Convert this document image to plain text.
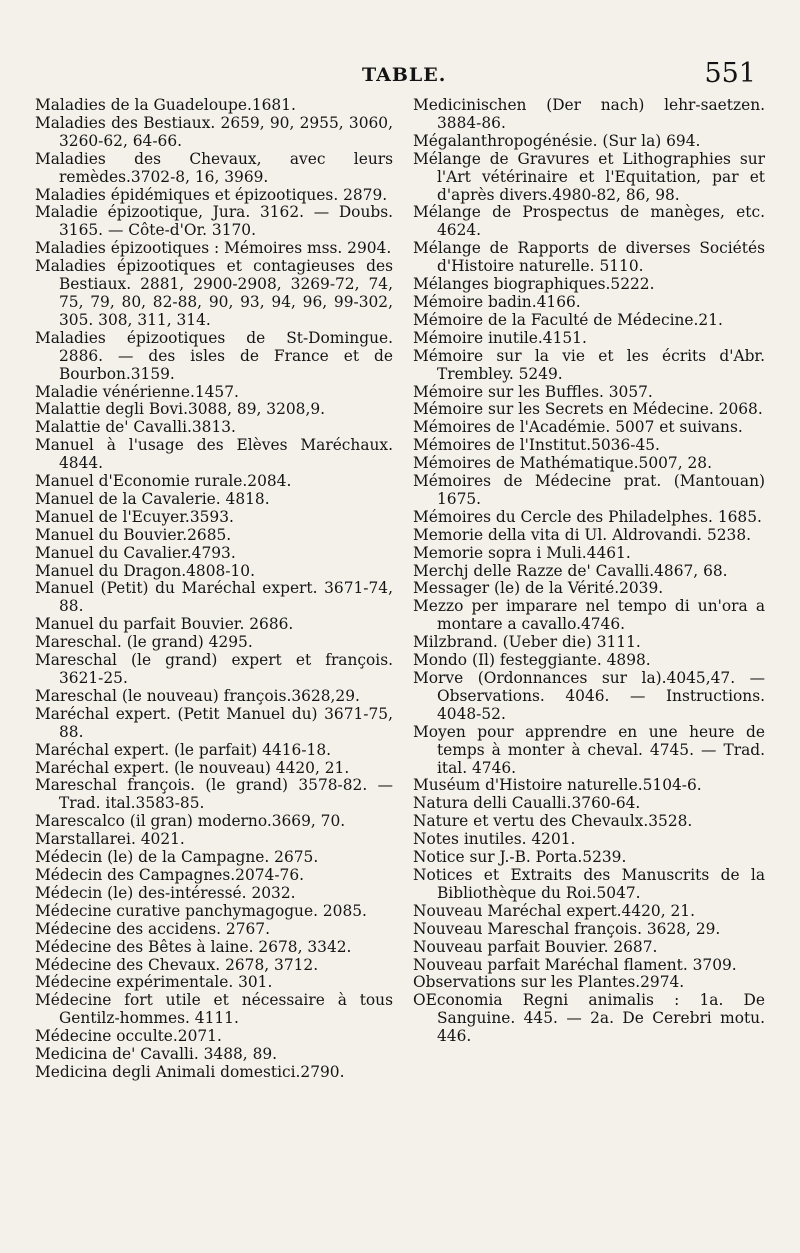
TABLE.	551
Maladies de la Guadeloupe.1681.
Maladies des Bestiaux. 2659, 90, 2955, 3060, 3260-62, 64-66.
Maladies des Chevaux, avec leurs remèdes.3702-8, 16, 3969.
Maladies épidémiques et épizootiques. 2879.
Maladie épizootique, Jura. 3162. — Doubs. 3165. — Côte-d'Or. 3170.
Maladies épizootiques : Mémoires mss. 2904.
Maladies épizootiques et contagieuses des Bestiaux. 2881, 2900-2908, 3269-72, 74, 75, 79, 80, 82-88, 90, 93, 94, 96, 99-302, 305. 308, 311, 314.
Maladies épizootiques de St-Domingue. 2886. — des isles de France et de Bourbon.3159.
Maladie vénérienne.1457.
Malattie degli Bovi.3088, 89, 3208,9.
Malattie de' Cavalli.3813.
Manuel à l'usage des Elèves Maréchaux. 4844.
Manuel d'Economie rurale.2084.
Manuel de la Cavalerie. 4818.
Manuel de l'Ecuyer.3593.
Manuel du Bouvier.2685.
Manuel du Cavalier.4793.
Manuel du Dragon.4808-10.
Manuel (Petit) du Maréchal expert. 3671-74, 88.
Manuel du parfait Bouvier. 2686.
Mareschal. (le grand) 4295.
Mareschal (le grand) expert et françois. 3621-25.
Mareschal (le nouveau) françois.3628,29.
Maréchal expert. (Petit Manuel du) 3671-75, 88.
Maréchal expert. (le parfait) 4416-18.
Maréchal expert. (le nouveau) 4420, 21.
Mareschal françois. (le grand) 3578-82. — Trad. ital.3583-85.
Marescalco (il gran) moderno.3669, 70.
Marstallarei. 4021.
Médecin (le) de la Campagne. 2675.
Médecin des Campagnes.2074-76.
Médecin (le) des-intéressé. 2032.
Médecine curative panchymagogue. 2085.
Médecine des accidens. 2767.
Médecine des Bêtes à laine. 2678, 3342.
Médecine des Chevaux. 2678, 3712.
Médecine expérimentale. 301.
Médecine fort utile et nécessaire à tous Gentilz-hommes. 4111.
Médecine occulte.2071.
Medicina de' Cavalli. 3488, 89.
Medicina degli Animali domestici.2790.
Medicinischen (Der nach) lehr-saetzen. 3884-86.
Mégalanthropogénésie. (Sur la) 694.
Mélange de Gravures et Lithographies sur l'Art vétérinaire et l'Equitation, par et d'après divers.4980-82, 86, 98.
Mélange de Prospectus de manèges, etc. 4624.
Mélange de Rapports de diverses Sociétés d'Histoire naturelle. 5110.
Mélanges biographiques.5222.
Mémoire badin.4166.
Mémoire de la Faculté de Médecine.21.
Mémoire inutile.4151.
Mémoire sur la vie et les écrits d'Abr. Trembley. 5249.
Mémoire sur les Buffles. 3057.
Mémoire sur les Secrets en Médecine. 2068.
Mémoires de l'Académie. 5007 et suivans.
Mémoires de l'Institut.5036-45.
Mémoires de Mathématique.5007, 28.
Mémoires de Médecine prat. (Mantouan) 1675.
Mémoires du Cercle des Philadelphes. 1685.
Memorie della vita di Ul. Aldrovandi. 5238.
Memorie sopra i Muli.4461.
Merchj delle Razze de' Cavalli.4867, 68.
Messager (le) de la Vérité.2039.
Mezzo per imparare nel tempo di un'ora a montare a cavallo.4746.
Milzbrand. (Ueber die) 3111.
Mondo (Il) festeggiante. 4898.
Morve (Ordonnances sur la).4045,47. — Observations. 4046. — Instructions. 4048-52.
Moyen pour apprendre en une heure de temps à monter à cheval. 4745. — Trad. ital. 4746.
Muséum d'Histoire naturelle.5104-6.
Natura delli Caualli.3760-64.
Nature et vertu des Chevaulx.3528.
Notes inutiles. 4201.
Notice sur J.-B. Porta.5239.
Notices et Extraits des Manuscrits de la Bibliothèque du Roi.5047.
Nouveau Maréchal expert.4420, 21.
Nouveau Mareschal françois. 3628, 29.
Nouveau parfait Bouvier. 2687.
Nouveau parfait Maréchal flament. 3709.
Observations sur les Plantes.2974.
OEconomia Regni animalis : 1a. De Sanguine. 445. — 2a. De Cerebri motu. 446.
